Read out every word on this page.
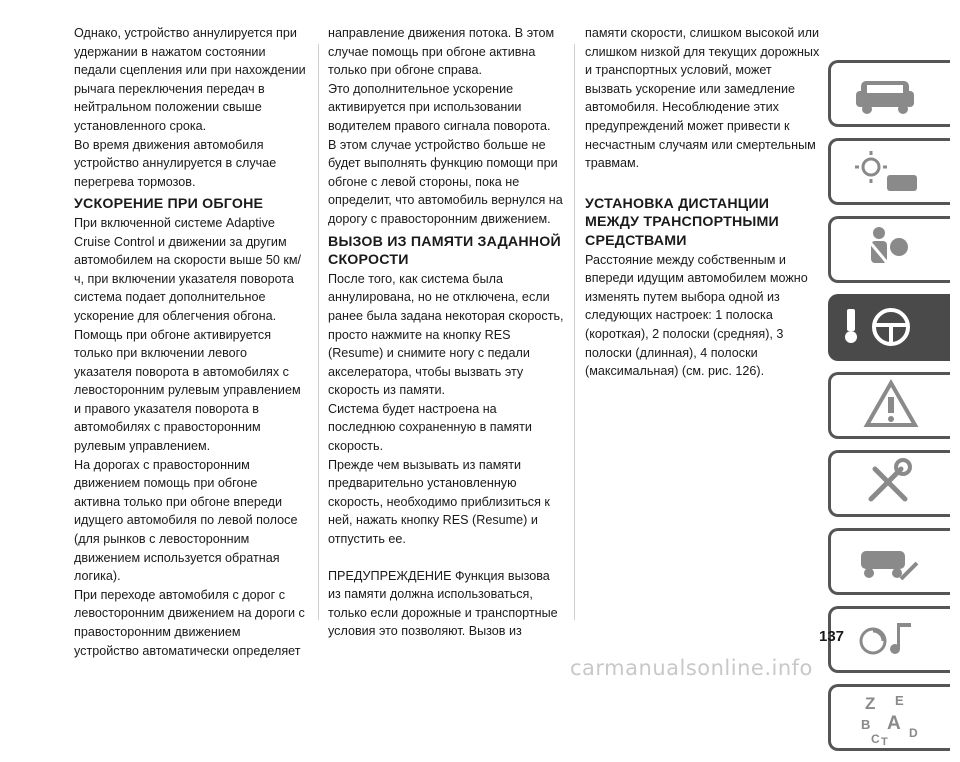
Однако, устройство аннулируется при удержании в нажатом состоянии педали сцепления или при нахождении рычага переключения передач в нейтральном положении свыше установленного срока.

Во время движения автомобиля устройство аннулируется в случае перегрева тормозов.

УСКОРЕНИЕ ПРИ ОБГОНЕ

При включенной системе Adaptive Cruise Control и движении за другим автомобилем на скорости выше 50 км/ч, при включении указателя поворота система подает дополнительное ускорение для облегчения обгона.

Помощь при обгоне активируется только при включении левого указателя поворота в автомобилях с левосторонним рулевым управлением и правого указателя поворота в автомобилях с правосторонним рулевым управлением.

На дорогах с правосторонним движением помощь при обгоне активна только при обгоне впереди идущего автомобиля по левой полосе (для рынков с левосторонним движением используется обратная логика).

При переходе автомобиля с дорог с левосторонним движением на дороги с правосторонним движением устройство автоматически определяет

направление движения потока. В этом случае помощь при обгоне активна только при обгоне справа.

Это дополнительное ускорение активируется при использовании водителем правого сигнала поворота.

В этом случае устройство больше не будет выполнять функцию помощи при обгоне с левой стороны, пока не определит, что автомобиль вернулся на дорогу с правосторонним движением.

ВЫЗОВ ИЗ ПАМЯТИ ЗАДАННОЙ СКОРОСТИ

После того, как система была аннулирована, но не отключена, если ранее была задана некоторая скорость, просто нажмите на кнопку RES (Resume) и снимите ногу с педали акселератора, чтобы вызвать эту скорость из памяти.

Система будет настроена на последнюю сохраненную в памяти скорость.

Прежде чем вызывать из памяти предварительно установленную скорость, необходимо приблизиться к ней, нажать кнопку RES (Resume) и отпустить ее.

ПРЕДУПРЕЖДЕНИЕ Функция вызова из памяти должна использоваться, только если дорожные и транспортные условия это позволяют. Вызов из

памяти скорости, слишком высокой или слишком низкой для текущих дорожных и транспортных условий, может вызвать ускорение или замедление автомобиля. Несоблюдение этих предупреждений может привести к несчастным случаям или смертельным травмам.

УСТАНОВКА ДИСТАНЦИИ МЕЖДУ ТРАНСПОРТНЫМИ СРЕДСТВАМИ

Расстояние между собственным и впереди идущим автомобилем можно изменять путем выбора одной из следующих настроек: 1 полоска (короткая), 2 полоски (средняя), 3 полоски (длинная), 4 полоски (максимальная) (см. рис. 126).

Z E
B A
C T
D
137
carmanualsonline.info
